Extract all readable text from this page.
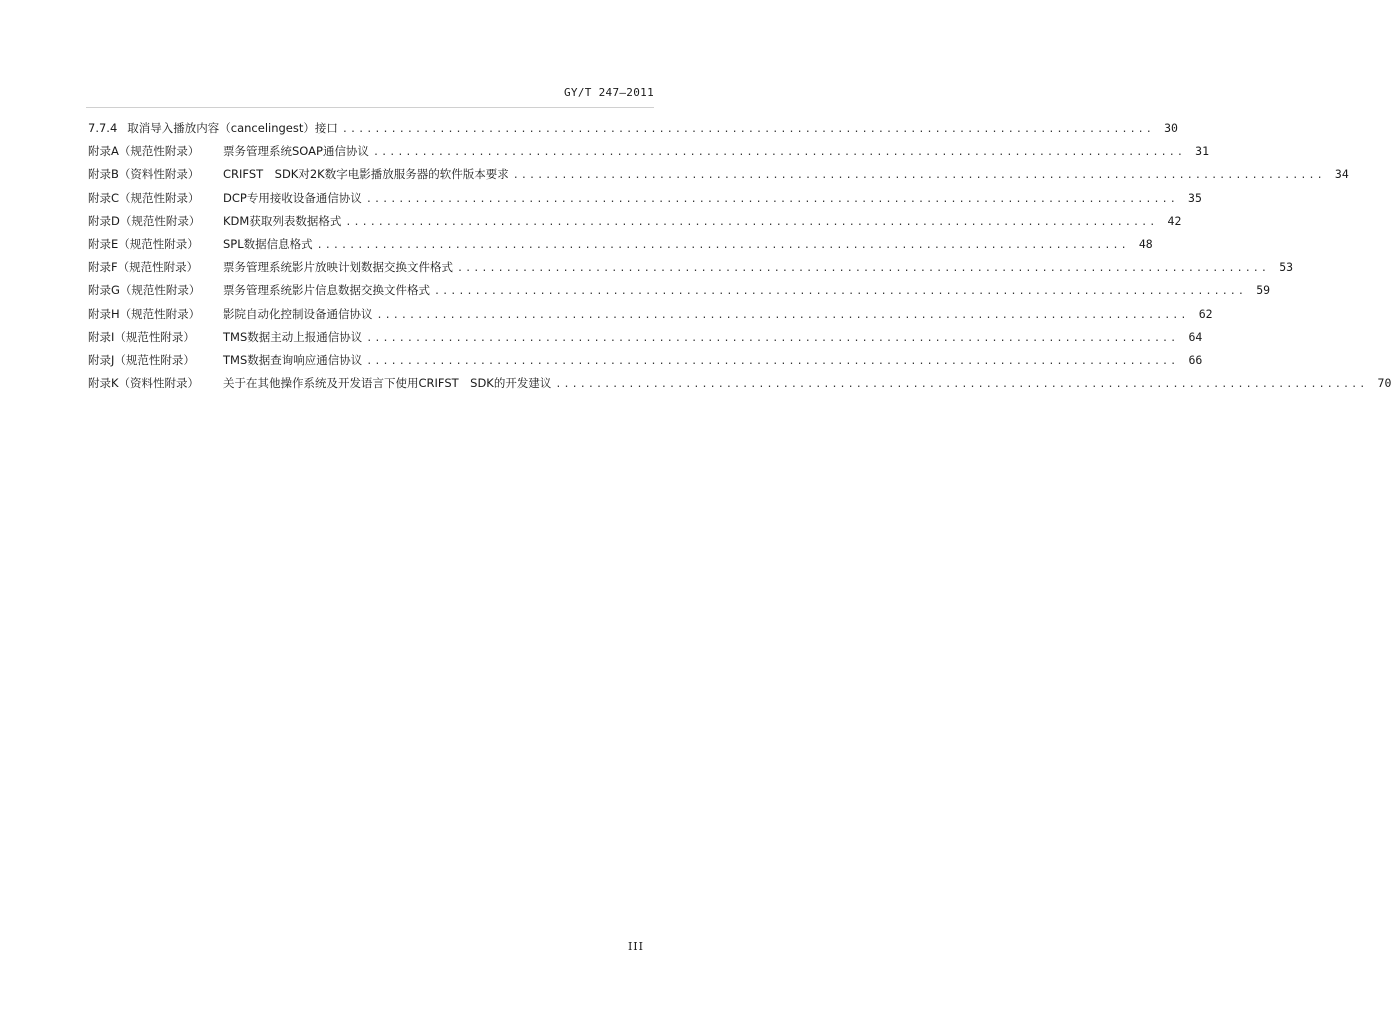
GY/T 247—2011
7.7.4 取消导入播放内容（cancelingest）接口 .................................................................................................... 30
附录A（规范性附录）	票务管理系统SOAP通信协议 .................................................................................................... 31
附录B（资料性附录）	CRIFST　SDK对2K数字电影播放服务器的软件版本要求 .................................................................................................... 34
附录C（规范性附录）	DCP专用接收设备通信协议 .................................................................................................... 35
附录D（规范性附录）	KDM获取列表数据格式 .................................................................................................... 42
附录E（规范性附录）	SPL数据信息格式 .................................................................................................... 48
附录F（规范性附录）	票务管理系统影片放映计划数据交换文件格式 .................................................................................................... 53
附录G（规范性附录）	票务管理系统影片信息数据交换文件格式 .................................................................................................... 59
附录H（规范性附录）	影院自动化控制设备通信协议 .................................................................................................... 62
附录I（规范性附录）	TMS数据主动上报通信协议 .................................................................................................... 64
附录J（规范性附录）	TMS数据查询响应通信协议 .................................................................................................... 66
附录K（资料性附录）	关于在其他操作系统及开发语言下使用CRIFST　SDK的开发建议 .................................................................................................... 70
III
